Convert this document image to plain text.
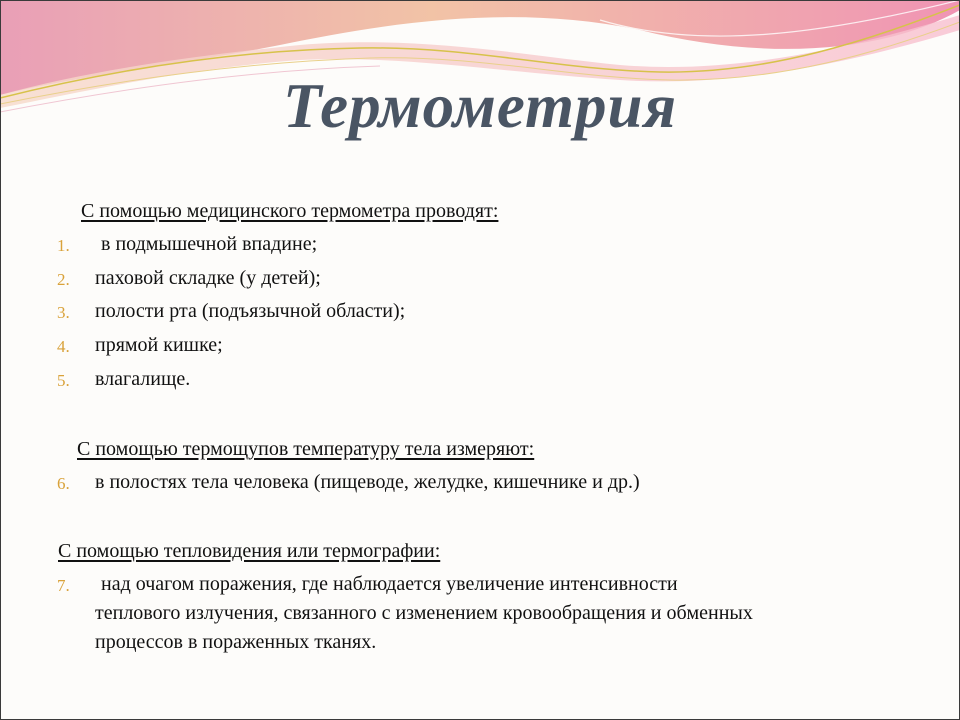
Термометрия
С помощью медицинского термометра проводят:
1. в подмышечной впадине;
2. паховой складке (у детей);
3. полости рта (подъязычной области);
4. прямой кишке;
5. влагалище.
С помощью термощупов температуру тела измеряют:
6. в полостях тела человека (пищеводе, желудке, кишечнике и др.)
С помощью тепловидения или термографии:
7. над очагом поражения, где наблюдается увеличение интенсивности
теплового излучения, связанного с изменением кровообращения и обменных
процессов в пораженных тканях.
